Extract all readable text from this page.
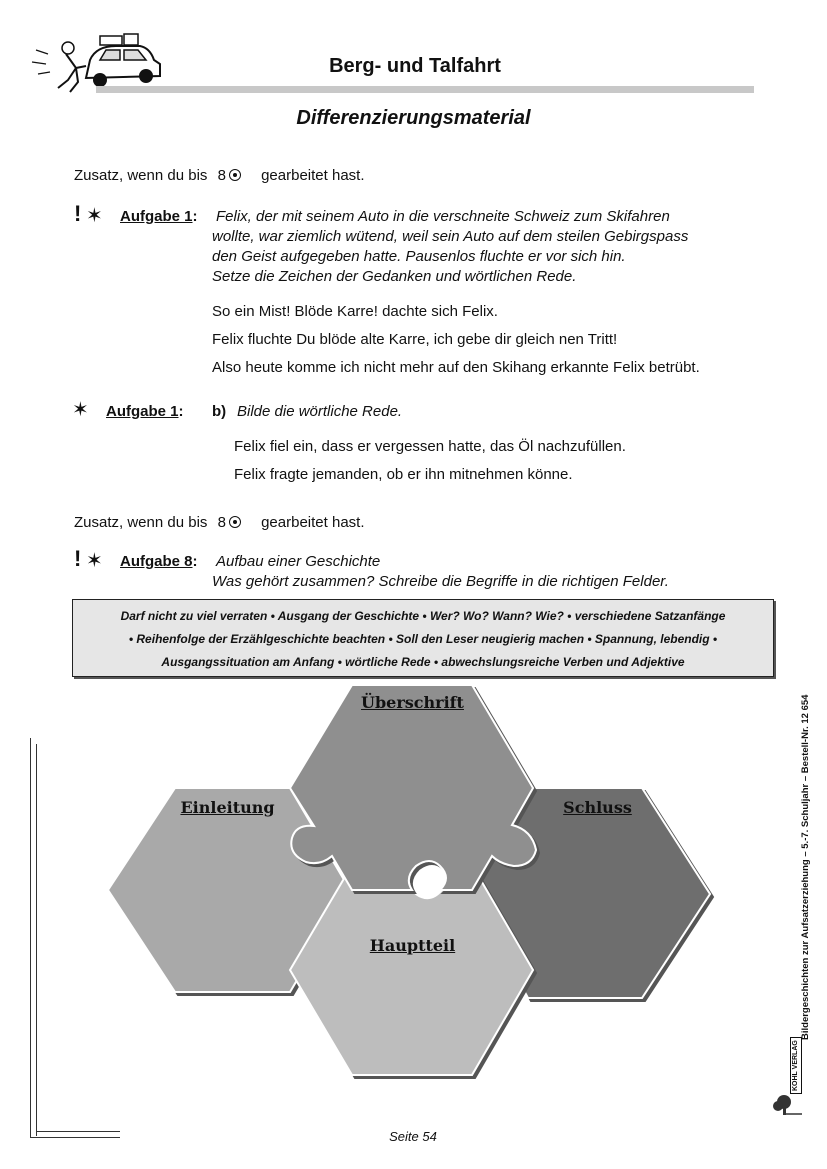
Berg- und Talfahrt
Differenzierungsmaterial
Zusatz, wenn du bis 8 gearbeitet hast.
! ✶ Aufgabe 1: Felix, der mit seinem Auto in die verschneite Schweiz zum Skifahren
wollte, war ziemlich wütend, weil sein Auto auf dem steilen Gebirgspass
den Geist aufgegeben hatte. Pausenlos fluchte er vor sich hin.
Setze die Zeichen der Gedanken und wörtlichen Rede.
So ein Mist! Blöde Karre! dachte sich Felix.
Felix fluchte Du blöde alte Karre, ich gebe dir gleich nen Tritt!
Also heute komme ich nicht mehr auf den Skihang erkannte Felix betrübt.
✶ Aufgabe 1: b) Bilde die wörtliche Rede.
Felix fiel ein, dass er vergessen hatte, das Öl nachzufüllen.
Felix fragte jemanden, ob er ihn mitnehmen könne.
Zusatz, wenn du bis 8 gearbeitet hast.
! ✶ Aufgabe 8: Aufbau einer Geschichte
Was gehört zusammen? Schreibe die Begriffe in die richtigen Felder.
Darf nicht zu viel verraten • Ausgang der Geschichte • Wer? Wo? Wann? Wie? • verschiedene Satzanfänge
• Reihenfolge der Erzählgeschichte beachten • Soll den Leser neugierig machen • Spannung, lebendig •
Ausgangssituation am Anfang • wörtliche Rede • abwechslungsreiche Verben und Adjektive
Überschrift
Einleitung	Schluss
Hauptteil	Bildergeschichten zur Aufsatzerziehung – 5.-7. Schuljahr – Bestell-Nr. 12 654
KOHL VERLAG
Seite 54
